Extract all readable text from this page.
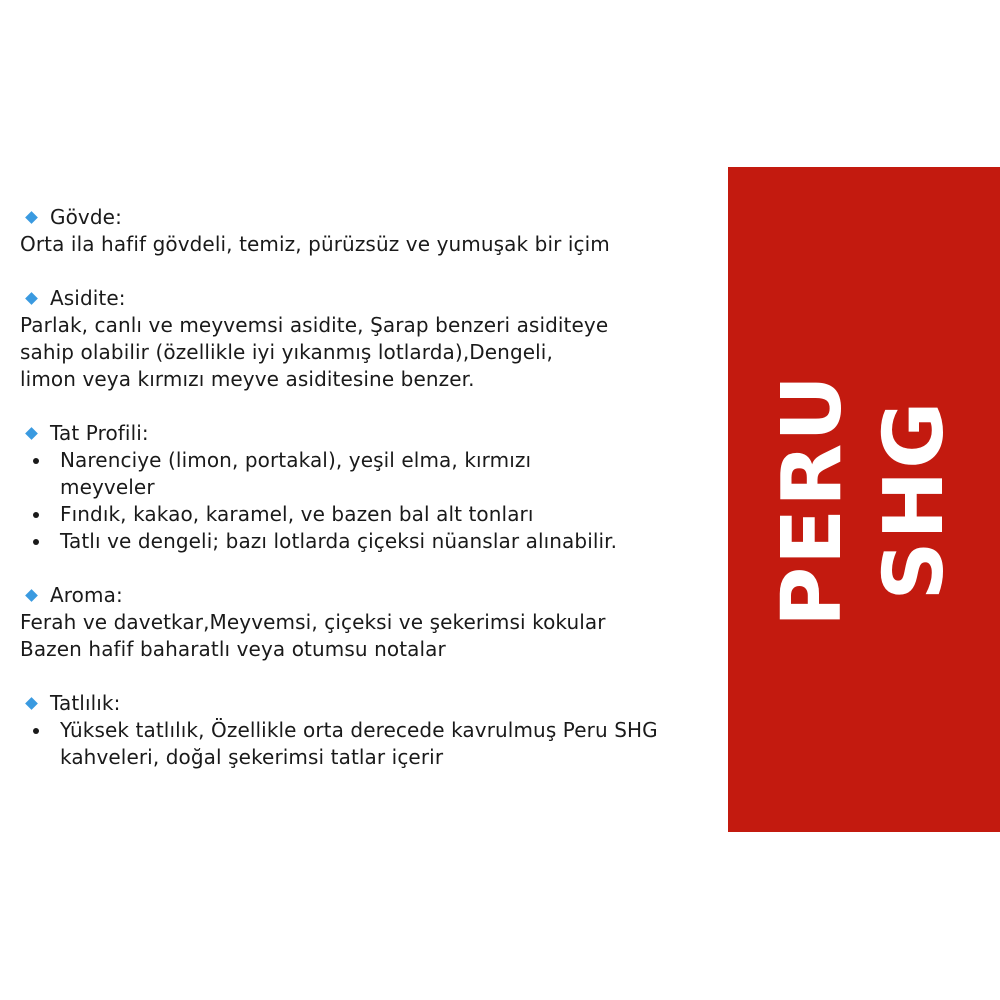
Gövde:
Orta ila hafif gövdeli, temiz, pürüzsüz ve yumuşak bir içim
Asidite:
Parlak, canlı ve meyvemsi asidite, Şarap benzeri asiditeye
sahip olabilir (özellikle iyi yıkanmış lotlarda),Dengeli,
limon veya kırmızı meyve asiditesine benzer.
Tat Profili:
Narenciye (limon, portakal), yeşil elma, kırmızı meyveler
Fındık, kakao, karamel, ve bazen bal alt tonları
Tatlı ve dengeli; bazı lotlarda çiçeksi nüanslar alınabilir.
Aroma:
Ferah ve davetkar,Meyvemsi, çiçeksi ve şekerimsi kokular
Bazen hafif baharatlı veya otumsu notalar
Tatlılık:
Yüksek tatlılık, Özellikle orta derecede kavrulmuş Peru SHG kahveleri, doğal şekerimsi tatlar içerir
PERU SHG
